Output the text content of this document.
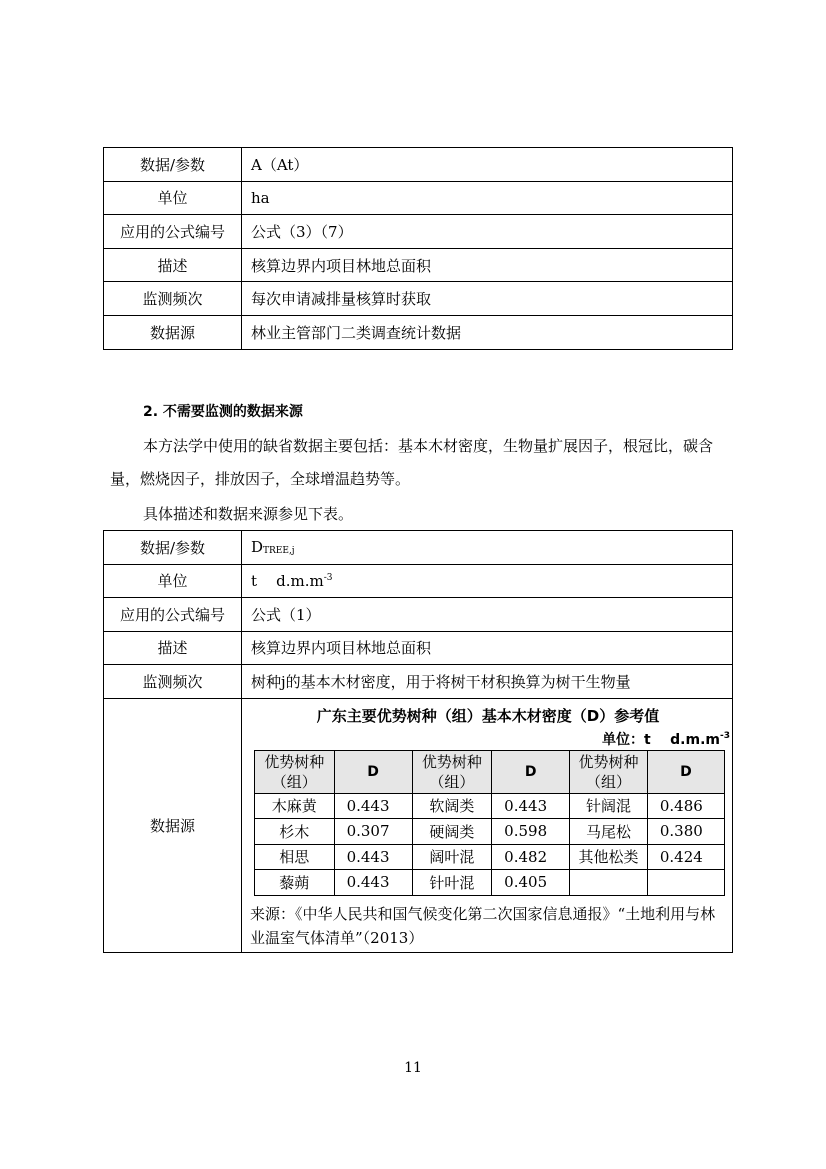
数据/参数	A（At）
单位	ha
应用的公式编号	公式（3）（7）
描述	核算边界内项目林地总面积
监测频次	每次申请减排量核算时获取
数据源	林业主管部门二类调查统计数据
2. 不需要监测的数据来源
本方法学中使用的缺省数据主要包括：基本木材密度，生物量扩展因子，根冠比，碳含量，燃烧因子，排放因子，全球增温趋势等。
具体描述和数据来源参见下表。
数据/参数	DTREE,j
单位	t    $d.m.m^{-3}$
应用的公式编号	公式（1）
描述	核算边界内项目林地总面积
监测频次	树种j的基本木材密度，用于将树干材积换算为树干生物量
数据源	
广东主要优势树种（组）基本木材密度（D）参考值
单位：t    $d.m.m^{-3}$
优势树种（组）	D	优势树种（组）	D	优势树种（组）	D
木麻黄	0.443	软阔类	0.443	针阔混	0.486
杉木	0.307	硬阔类	0.598	马尾松	0.380
相思	0.443	阔叶混	0.482	其他松类	0.424
藜蒴	0.443	针叶混	0.405		
来源：《中华人民共和国气候变化第二次国家信息通报》“土地利用与林业温室气体清单”（2013）
11
